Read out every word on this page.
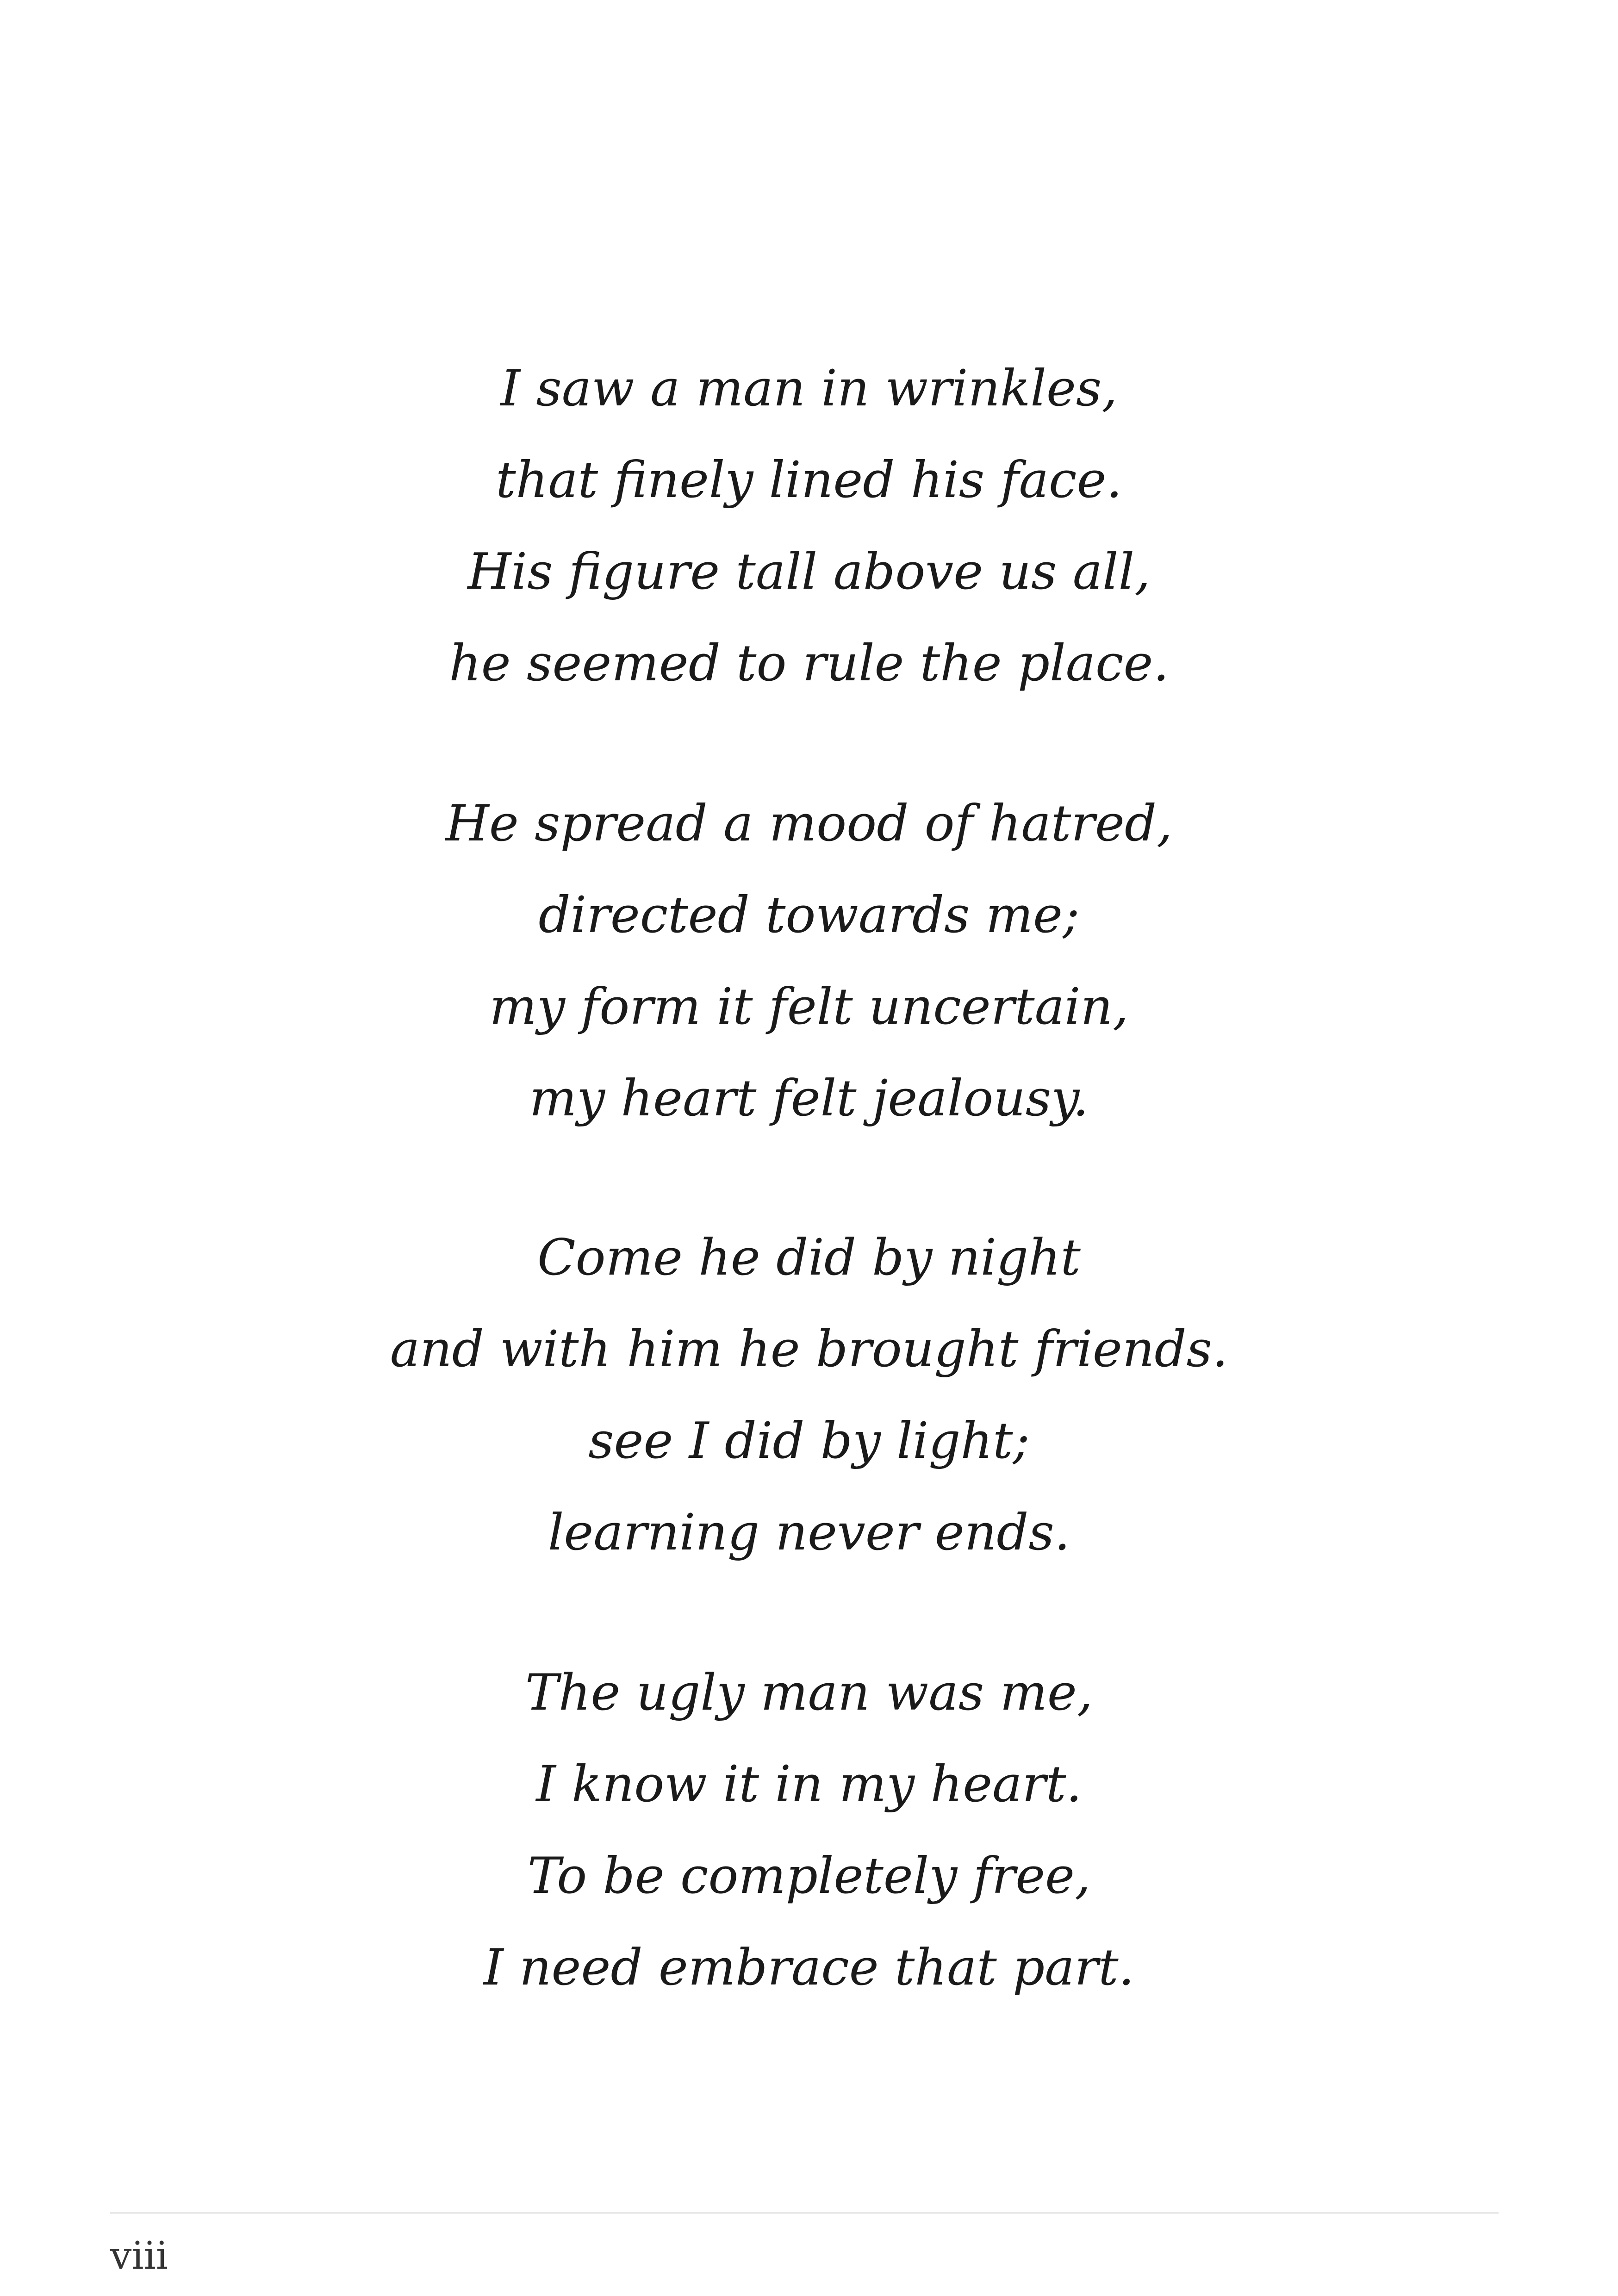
I saw a man in wrinkles,
that finely lined his face.
His figure tall above us all,
he seemed to rule the place.
He spread a mood of hatred,
directed towards me;
my form it felt uncertain,
my heart felt jealousy.
Come he did by night
and with him he brought friends.
see I did by light;
learning never ends.
The ugly man was me,
I know it in my heart.
To be completely free,
I need embrace that part.
viii
